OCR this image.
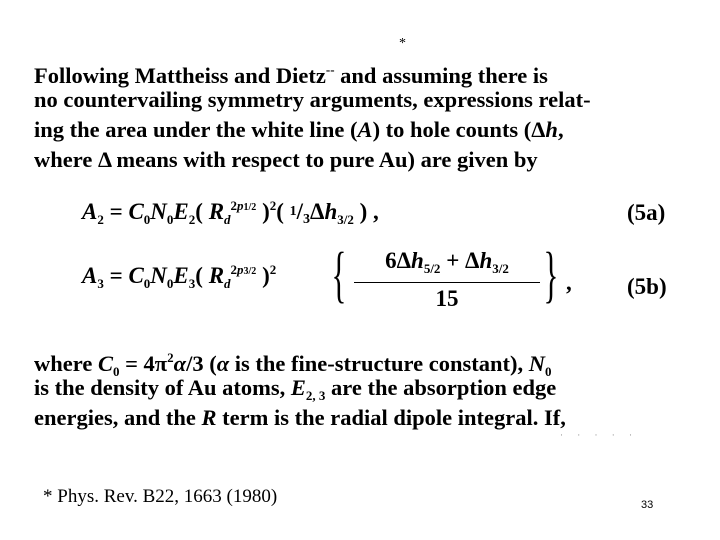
*
Following Mattheiss and Dietz-- and assuming there is
no countervailing symmetry arguments, expressions relat-
ing the area under the white line (A) to hole counts (Δh,
where Δ means with respect to pure Au) are given by
$A_2 = C_0N_0E_2$( $R_d^{2p1/2}$ )$^2$( $1/3\Delta h_{3/2}$ ) ,	(5a)
$A_3 = C_0N_0E_3$( $R_d^{2p3/2}$ )$^2$ {	$6\Delta h_{5/2} + \Delta h_{3/2}$
15	} , (5b)
where $C_0 = 4\pi^2\alpha/3$ (α is the fine-structure constant), $N_0$
is the density of Au atoms, $E_{2, 3}$ are the absorption edge
energies, and the R term is the radial dipole integral. If,
· · · · ·
* Phys. Rev. B22, 1663 (1980)	33
